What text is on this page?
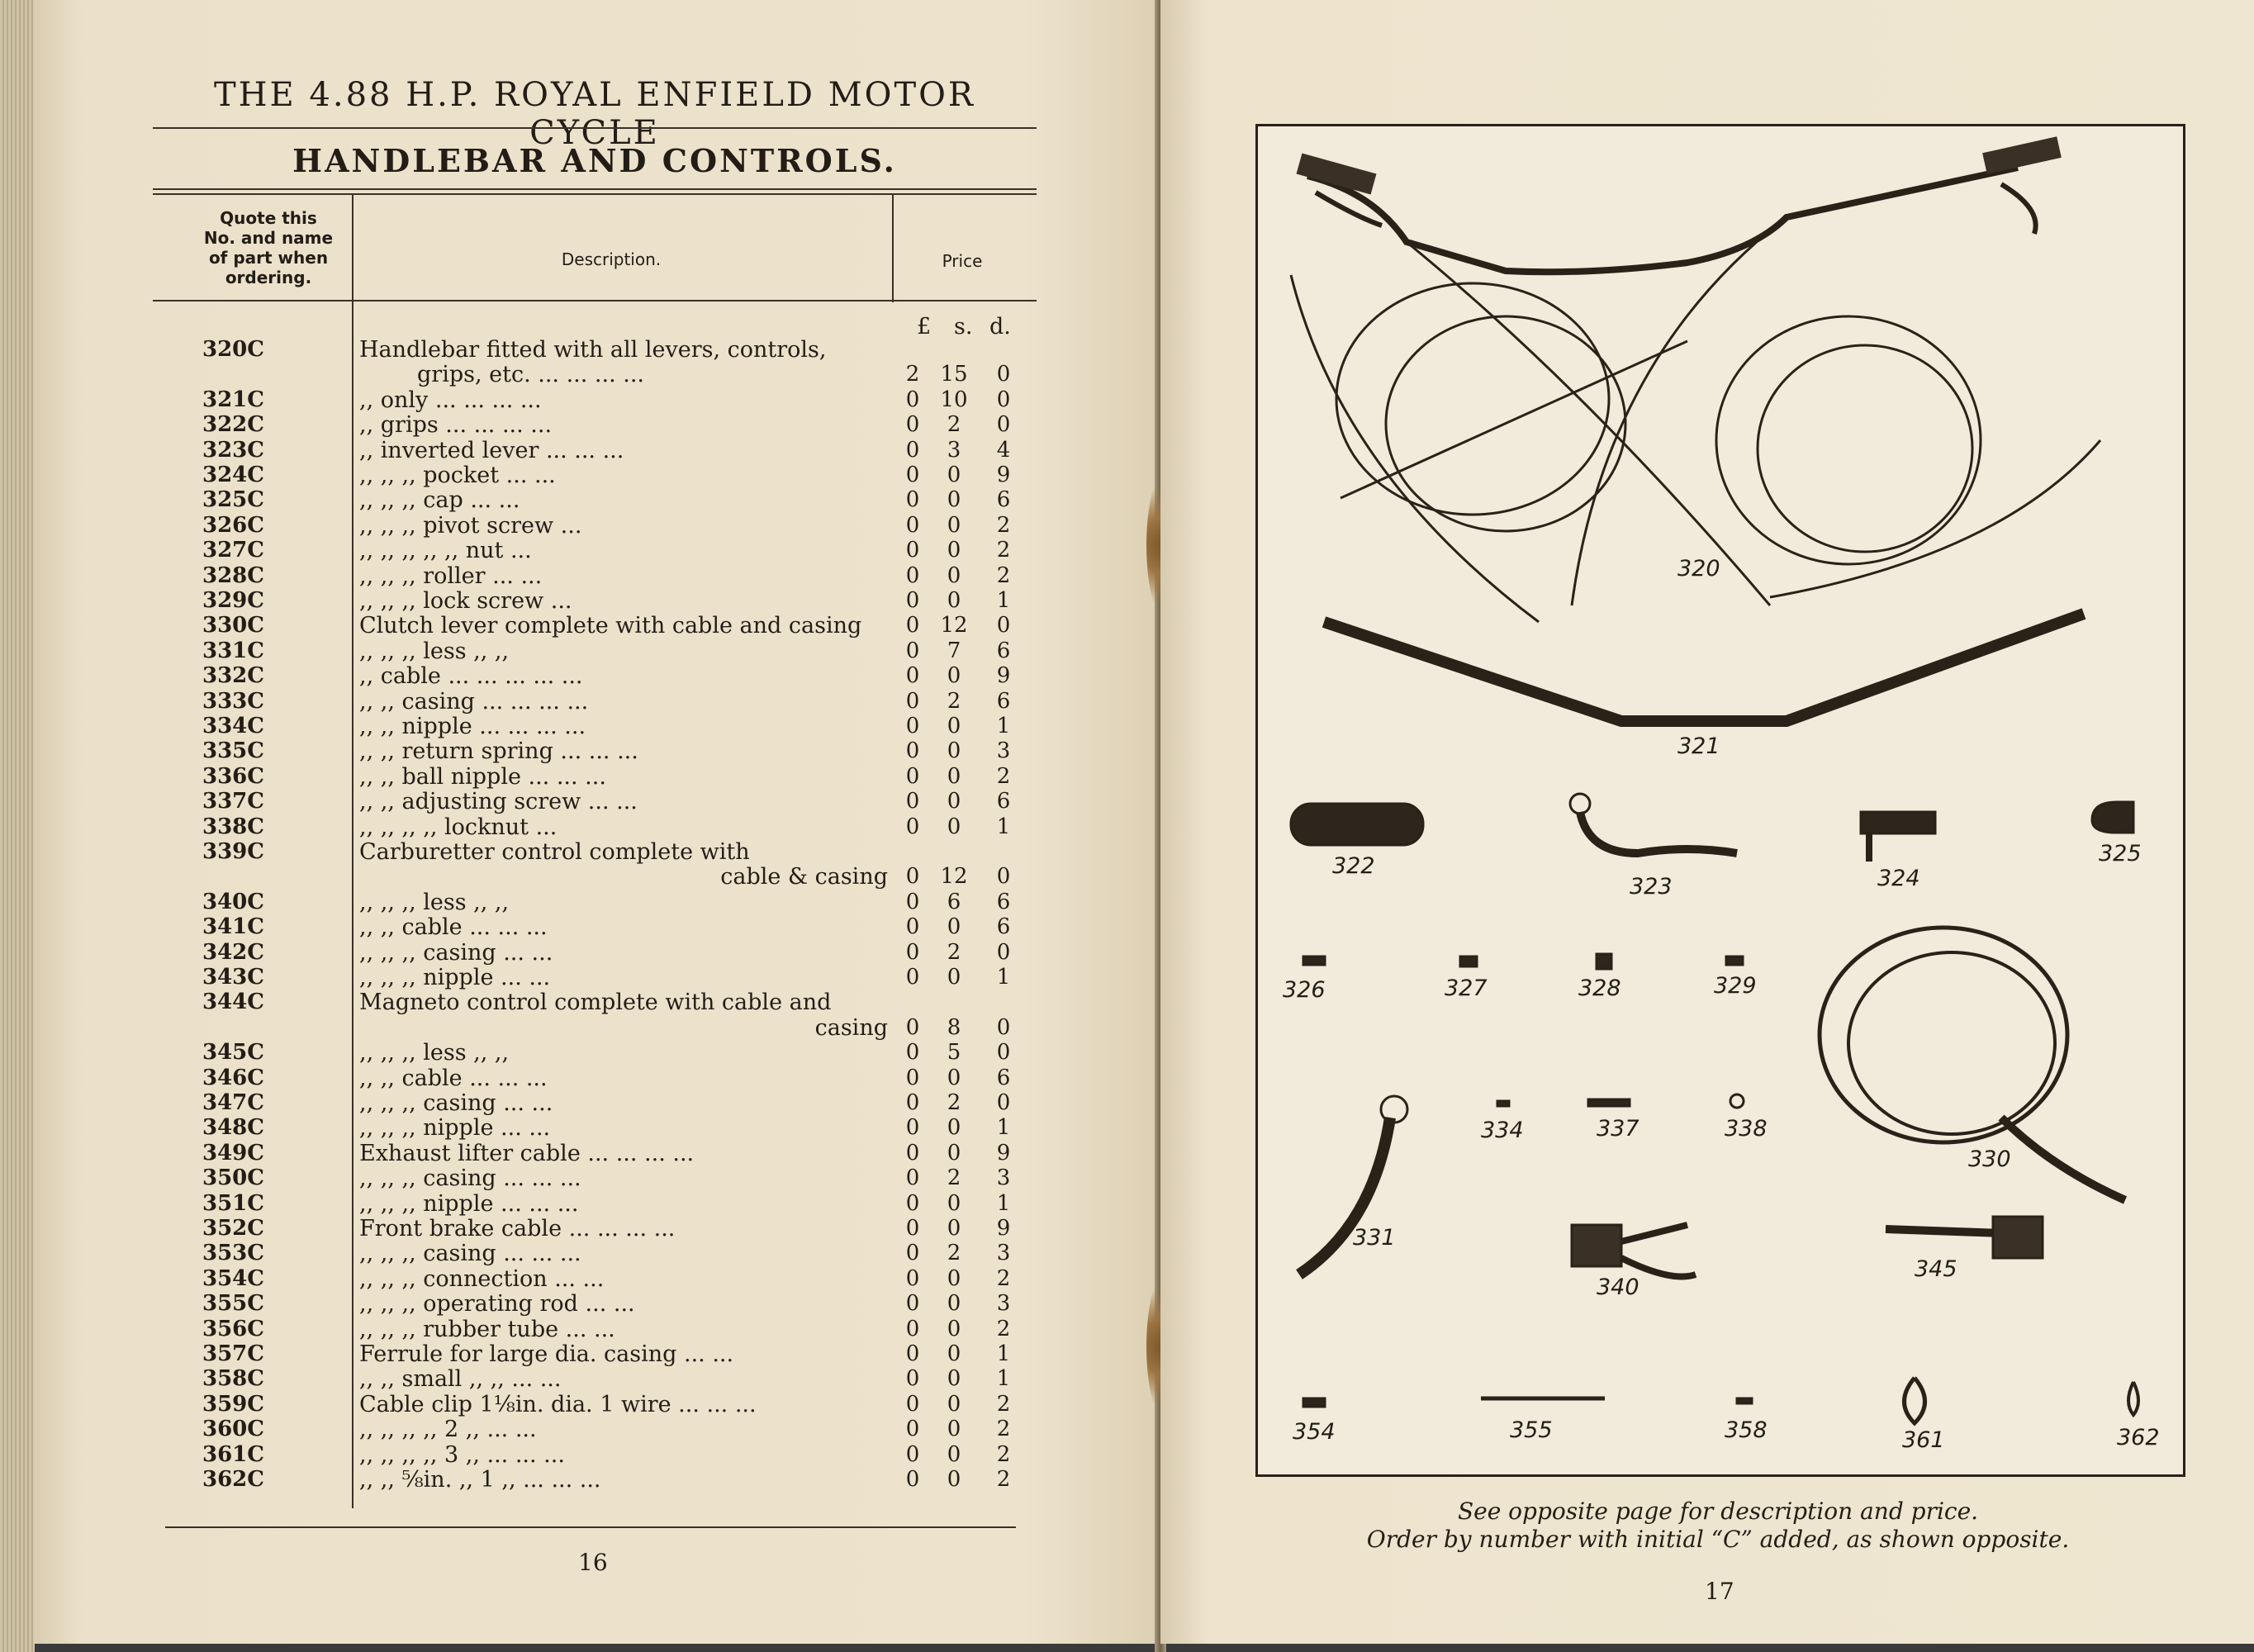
THE 4.88 H.P. ROYAL ENFIELD MOTOR CYCLE
HANDLEBAR AND CONTROLS.
Quote this
No. and name
of part when
ordering.
Description.	Price
£ s. d.
320C	Handlebar fitted with all levers, controls,
grips, etc. ... ... ... ...	2 15	0
321C	,, only ... ... ... ...	0 10	0
322C	,, grips ... ... ... ...	0	2	0
323C	,, inverted lever ... ... ...	0	3	4
324C	,, ,, ,, pocket ... ...	0	0	9
325C	,, ,, ,, cap ... ...	0	0	6
326C	,, ,, ,, pivot screw ...	0	0	2
327C	,, ,, ,, ,, ,, nut ...	0	0	2
328C	,, ,, ,, roller ... ...	0	0	2
329C	,, ,, ,, lock screw ...	0	0	1
330C	Clutch lever complete with cable and casing	0 12	0
331C	,, ,, ,, less ,, ,,	0	7	6
332C	,, cable ... ... ... ... ...	0	0	9
333C	,, ,, casing ... ... ... ...	0	2	6
334C	,, ,, nipple ... ... ... ...	0	0	1
335C	,, ,, return spring ... ... ...	0	0	3
336C	,, ,, ball nipple ... ... ...	0	0	2
337C	,, ,, adjusting screw ... ...	0	0	6
338C	,, ,, ,, ,, locknut ...	0	0	1
339C	Carburetter control complete with
cable & casing 0 12	0
340C	,, ,, ,, less ,, ,,	0	6	6
341C	,, ,, cable ... ... ...	0	0	6
342C	,, ,, ,, casing ... ...	0	2	0
343C	,, ,, ,, nipple ... ...	0	0	1
344C	Magneto control complete with cable and
casing 0	8	0
345C	,, ,, ,, less ,, ,,	0	5	0
346C	,, ,, cable ... ... ...	0	0	6
347C	,, ,, ,, casing ... ...	0	2	0
348C	,, ,, ,, nipple ... ...	0	0	1
349C	Exhaust lifter cable ... ... ... ...	0	0	9
350C	,, ,, ,, casing ... ... ...	0	2	3
351C	,, ,, ,, nipple ... ... ...	0	0	1
352C	Front brake cable ... ... ... ...	0	0	9
353C	,, ,, ,, casing ... ... ...	0	2	3
354C	,, ,, ,, connection ... ...	0	0	2
355C	,, ,, ,, operating rod ... ...	0	0	3
356C	,, ,, ,, rubber tube ... ...	0	0	2
357C	Ferrule for large dia. casing ... ...	0	0	1
358C	,, ,, small ,, ,, ... ...	0	0	1
359C	Cable clip 1⅛in. dia. 1 wire ... ... ...	0	0	2
360C	,, ,, ,, ,, 2 ,, ... ...	0	0	2
361C	,, ,, ,, ,, 3 ,, ... ... ...	0	0	2
362C	,, ,, ⅝in. ,, 1 ,, ... ... ...	0	0	2
16
320
321
322
323	324
325
326	327	328	329
330
331
334	337	338
340
345
354	355	358	361	362
See opposite page for description and price.
Order by number with initial “C” added, as shown opposite.
17
